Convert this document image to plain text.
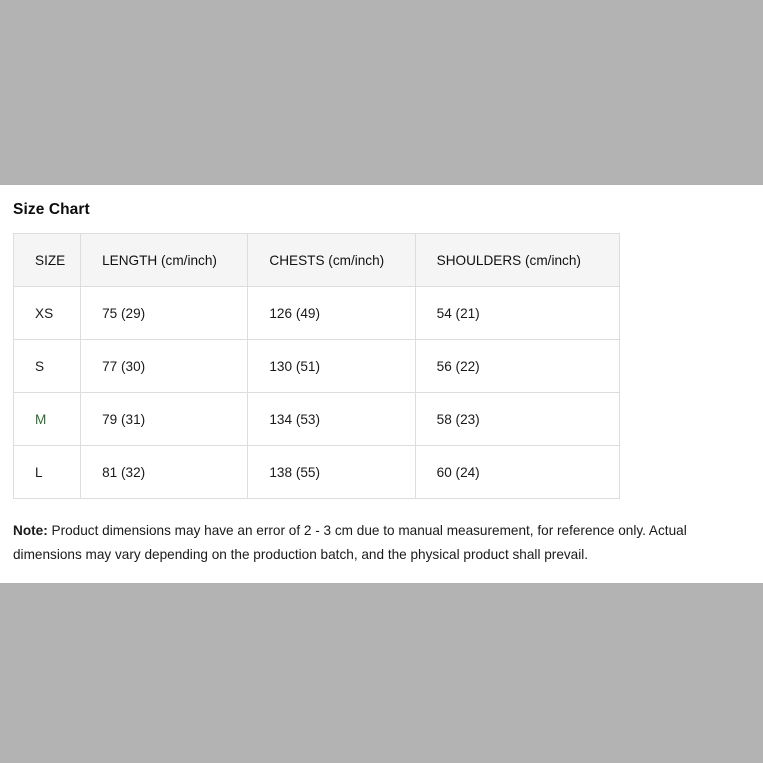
Size Chart
SIZE	LENGTH (cm/inch)	CHESTS (cm/inch)	SHOULDERS (cm/inch)
XS	75 (29)	126 (49)	54 (21)
S	77 (30)	130 (51)	56 (22)
M	79 (31)	134 (53)	58 (23)
L	81 (32)	138 (55)	60 (24)

Note: Product dimensions may have an error of 2 - 3 cm due to manual measurement, for reference only. Actual dimensions may vary depending on the production batch, and the physical product shall prevail.
